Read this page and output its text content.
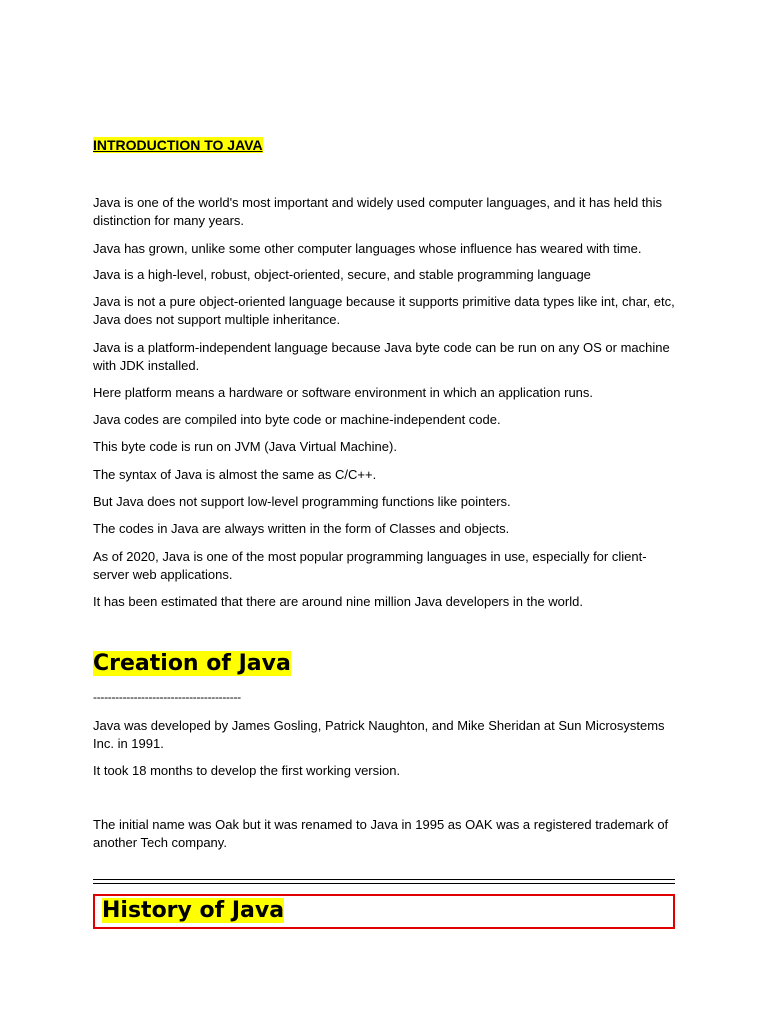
INTRODUCTION TO JAVA

Java is one of the world's most important and widely used computer languages, and it has held this distinction for many years.

Java has grown, unlike some other computer languages whose influence has weared with time.

Java is a high-level, robust, object-oriented, secure, and stable programming language

Java is not a pure object-oriented language because it supports primitive data types like int, char, etc, Java does not support multiple inheritance.

Java is a platform-independent language because Java byte code can be run on any OS or machine with JDK installed.

Here platform means a hardware or software environment in which an application runs.

Java codes are compiled into byte code or machine-independent code.

This byte code is run on JVM (Java Virtual Machine).

The syntax of Java is almost the same as C/C++.

But Java does not support low-level programming functions like pointers.

The codes in Java are always written in the form of Classes and objects.

As of 2020, Java is one of the most popular programming languages in use, especially for client-server web applications.

It has been estimated that there are around nine million Java developers in the world.

Creation of Java
----------------------------------------

Java was developed by James Gosling, Patrick Naughton, and Mike Sheridan at Sun Microsystems Inc. in 1991.

It took 18 months to develop the first working version.

The initial name was Oak but it was renamed to Java in 1995 as OAK was a registered trademark of another Tech company.

History of Java
